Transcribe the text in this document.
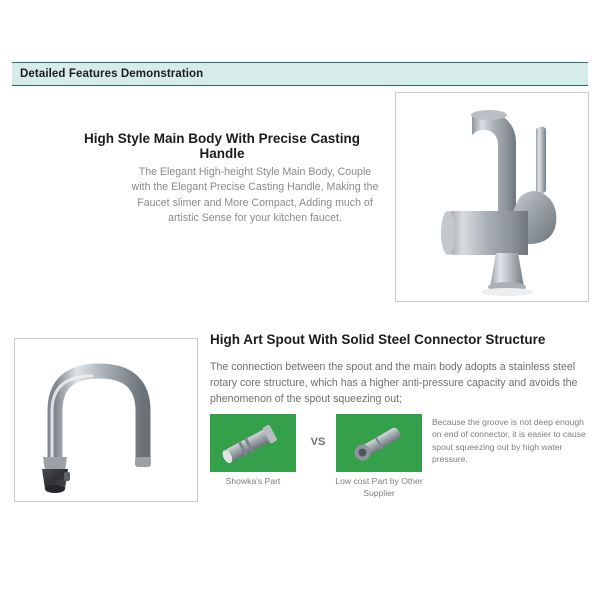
Detailed Features Demonstration
High Style Main Body With Precise Casting Handle
The Elegant High-height Style Main Body, Couple with the Elegant Precise Casting Handle, Making the Faucet slimer and More Compact, Adding much of artistic Sense for your kitchen faucet.
High Art Spout With Solid Steel Connector Structure
The connection between the spout and the main body adopts a stainless steel rotary core structure, which has a higher anti-pressure capacity and avoids the phenomenon of the spout squeezing out;
VS
Showka's Part	Low cost Part by Other Supplier
Because the groove is not deep enough on end of connector, it is easier to cause spout squeezing out by high water pressure.
